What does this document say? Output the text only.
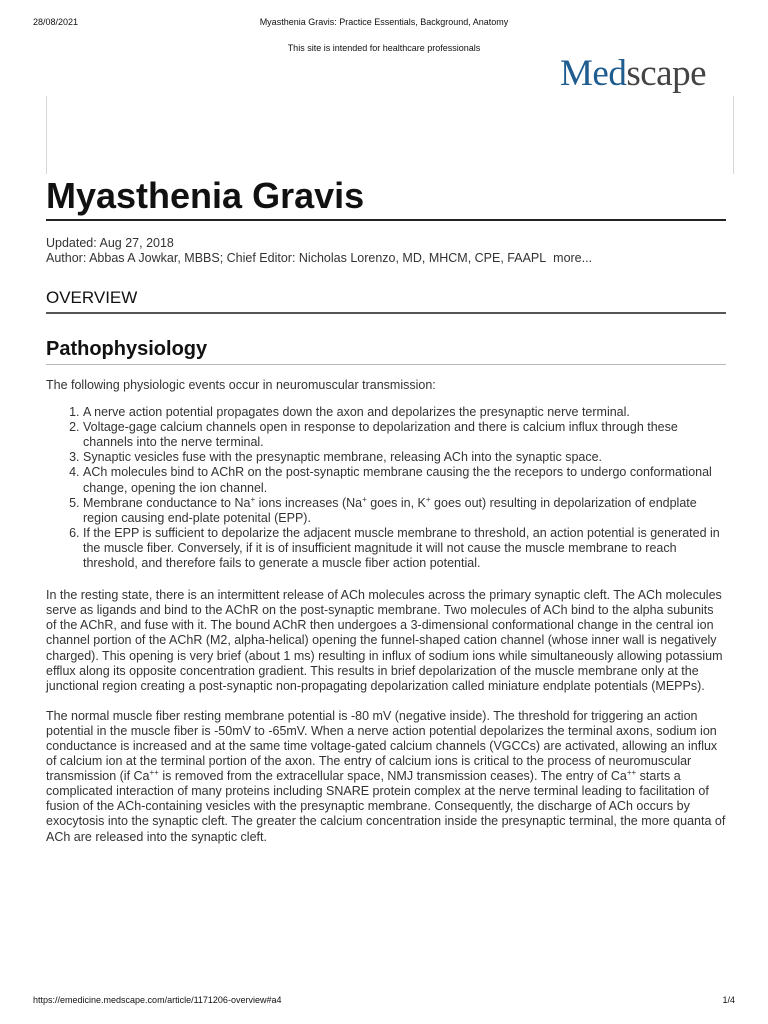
28/08/2021	Myasthenia Gravis: Practice Essentials, Background, Anatomy
This site is intended for healthcare professionals
Medscape
Myasthenia Gravis
Updated: Aug 27, 2018
Author: Abbas A Jowkar, MBBS; Chief Editor: Nicholas Lorenzo, MD, MHCM, CPE, FAAPL more...
OVERVIEW
Pathophysiology

The following physiologic events occur in neuromuscular transmission:

1. A nerve action potential propagates down the axon and depolarizes the presynaptic nerve terminal.
2. Voltage-gage calcium channels open in response to depolarization and there is calcium influx through these channels into the nerve terminal.
3. Synaptic vesicles fuse with the presynaptic membrane, releasing ACh into the synaptic space.
4. ACh molecules bind to AChR on the post-synaptic membrane causing the the recepors to undergo conformational change, opening the ion channel.
5. Membrane conductance to Na+ ions increases (Na+ goes in, K+ goes out) resulting in depolarization of endplate region causing end-plate potenital (EPP).
6. If the EPP is sufficient to depolarize the adjacent muscle membrane to threshold, an action potential is generated in the muscle fiber. Conversely, if it is of insufficient magnitude it will not cause the muscle membrane to reach threshold, and therefore fails to generate a muscle fiber action potential.

In the resting state, there is an intermittent release of ACh molecules across the primary synaptic cleft. The ACh molecules serve as ligands and bind to the AChR on the post-synaptic membrane. Two molecules of ACh bind to the alpha subunits of the AChR, and fuse with it. The bound AChR then undergoes a 3-dimensional conformational change in the central ion channel portion of the AChR (M2, alpha-helical) opening the funnel-shaped cation channel (whose inner wall is negatively charged). This opening is very brief (about 1 ms) resulting in influx of sodium ions while simultaneously allowing potassium efflux along its opposite concentration gradient. This results in brief depolarization of the muscle membrane only at the junctional region creating a post-synaptic non-propagating depolarization called miniature endplate potentials (MEPPs).

The normal muscle fiber resting membrane potential is -80 mV (negative inside). The threshold for triggering an action potential in the muscle fiber is -50mV to -65mV. When a nerve action potential depolarizes the terminal axons, sodium ion conductance is increased and at the same time voltage-gated calcium channels (VGCCs) are activated, allowing an influx of calcium ion at the terminal portion of the axon. The entry of calcium ions is critical to the process of neuromuscular transmission (if Ca++ is removed from the extracellular space, NMJ transmission ceases). The entry of Ca++ starts a complicated interaction of many proteins including SNARE protein complex at the nerve terminal leading to facilitation of fusion of the ACh-containing vesicles with the presynaptic membrane. Consequently, the discharge of ACh occurs by exocytosis into the synaptic cleft. The greater the calcium concentration inside the presynaptic terminal, the more quanta of ACh are released into the synaptic cleft.

https://emedicine.medscape.com/article/1171206-overview#a4	1/4
